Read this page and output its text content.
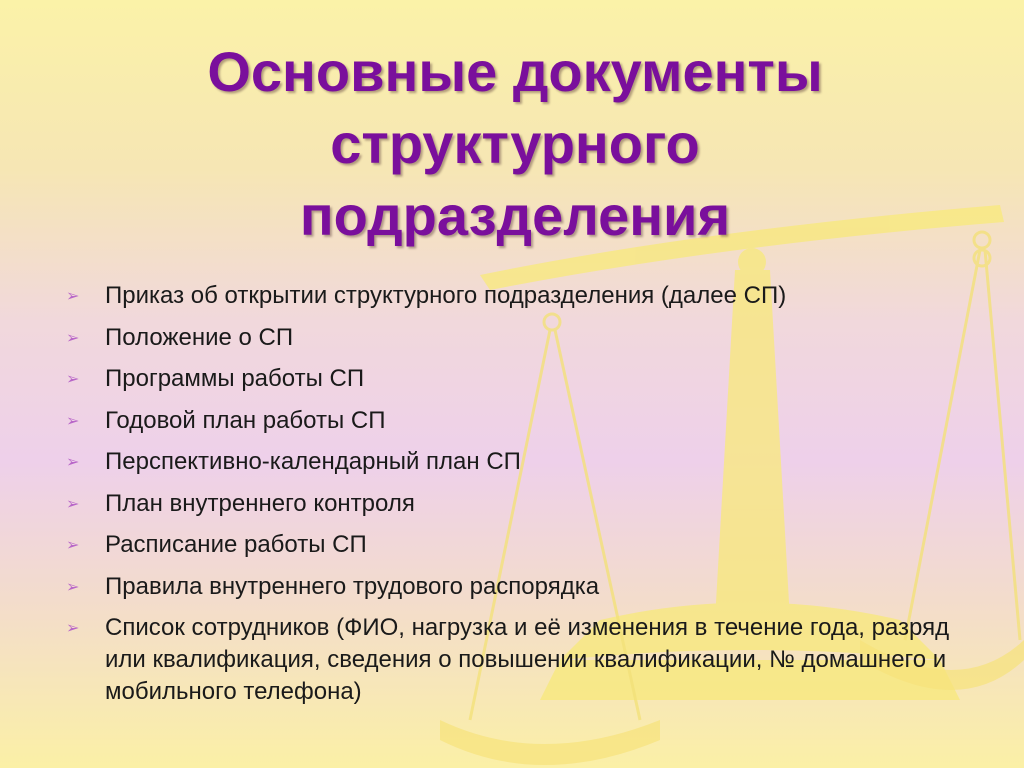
Основные документы
структурного
подразделения
➢ Приказ об открытии структурного подразделения (далее СП)
➢ Положение о СП
➢ Программы работы СП
➢ Годовой план работы СП
➢ Перспективно-календарный план СП
➢ План внутреннего контроля
➢ Расписание работы СП
➢ Правила внутреннего трудового распорядка
➢ Список сотрудников (ФИО, нагрузка и её изменения в течение года, разряд или квалификация, сведения о повышении квалификации, № домашнего и мобильного телефона)
